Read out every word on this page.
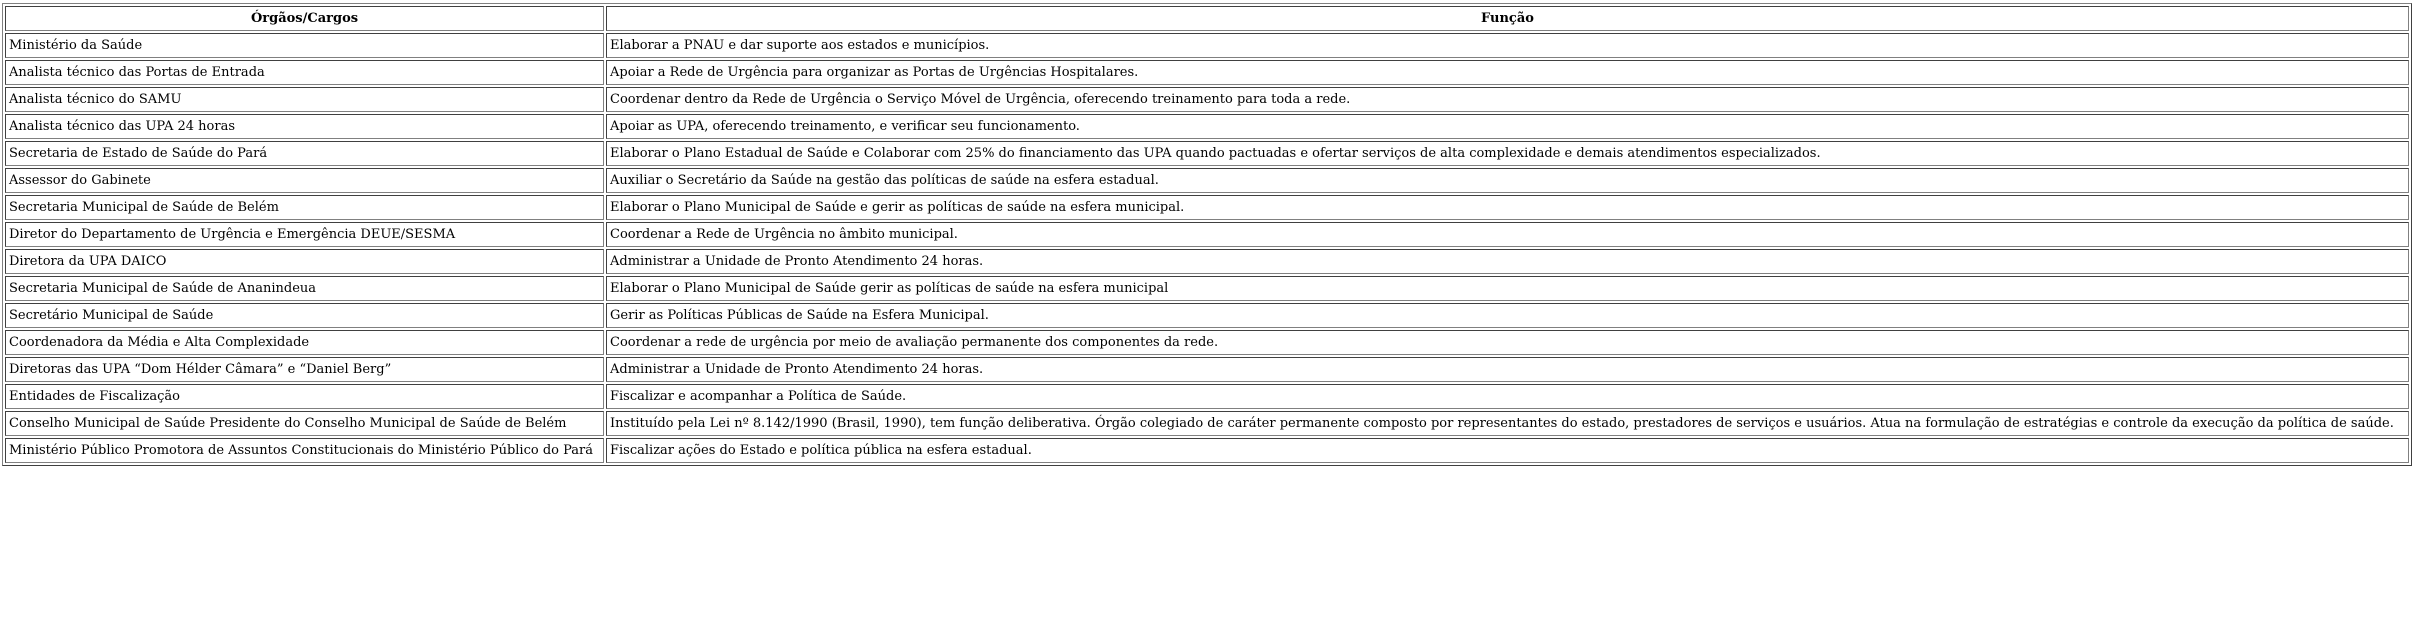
Órgãos/Cargos	Função
Ministério da Saúde	Elaborar a PNAU e dar suporte aos estados e municípios.
Analista técnico das Portas de Entrada	Apoiar a Rede de Urgência para organizar as Portas de Urgências Hospitalares.
Analista técnico do SAMU	Coordenar dentro da Rede de Urgência o Serviço Móvel de Urgência, oferecendo treinamento para toda a rede.
Analista técnico das UPA 24 horas	Apoiar as UPA, oferecendo treinamento, e verificar seu funcionamento.
Secretaria de Estado de Saúde do Pará	Elaborar o Plano Estadual de Saúde e Colaborar com 25% do financiamento das UPA quando pactuadas e ofertar serviços de alta complexidade e demais atendimentos especializados.
Assessor do Gabinete	Auxiliar o Secretário da Saúde na gestão das políticas de saúde na esfera estadual.
Secretaria Municipal de Saúde de Belém	Elaborar o Plano Municipal de Saúde e gerir as políticas de saúde na esfera municipal.
Diretor do Departamento de Urgência e Emergência DEUE/SESMA	Coordenar a Rede de Urgência no âmbito municipal.
Diretora da UPA DAICO	Administrar a Unidade de Pronto Atendimento 24 horas.
Secretaria Municipal de Saúde de Ananindeua	Elaborar o Plano Municipal de Saúde gerir as políticas de saúde na esfera municipal
Secretário Municipal de Saúde	Gerir as Políticas Públicas de Saúde na Esfera Municipal.
Coordenadora da Média e Alta Complexidade	Coordenar a rede de urgência por meio de avaliação permanente dos componentes da rede.
Diretoras das UPA “Dom Hélder Câmara” e “Daniel Berg”	Administrar a Unidade de Pronto Atendimento 24 horas.
Entidades de Fiscalização	Fiscalizar e acompanhar a Política de Saúde.
Conselho Municipal de Saúde Presidente do Conselho Municipal de Saúde de Belém	Instituído pela Lei nº 8.142/1990 (Brasil, 1990), tem função deliberativa. Órgão colegiado de caráter permanente composto por representantes do estado, prestadores de serviços e usuários. Atua na formulação de estratégias e controle da execução da política de saúde.
Ministério Público Promotora de Assuntos Constitucionais do Ministério Público do Pará	Fiscalizar ações do Estado e política pública na esfera estadual.
